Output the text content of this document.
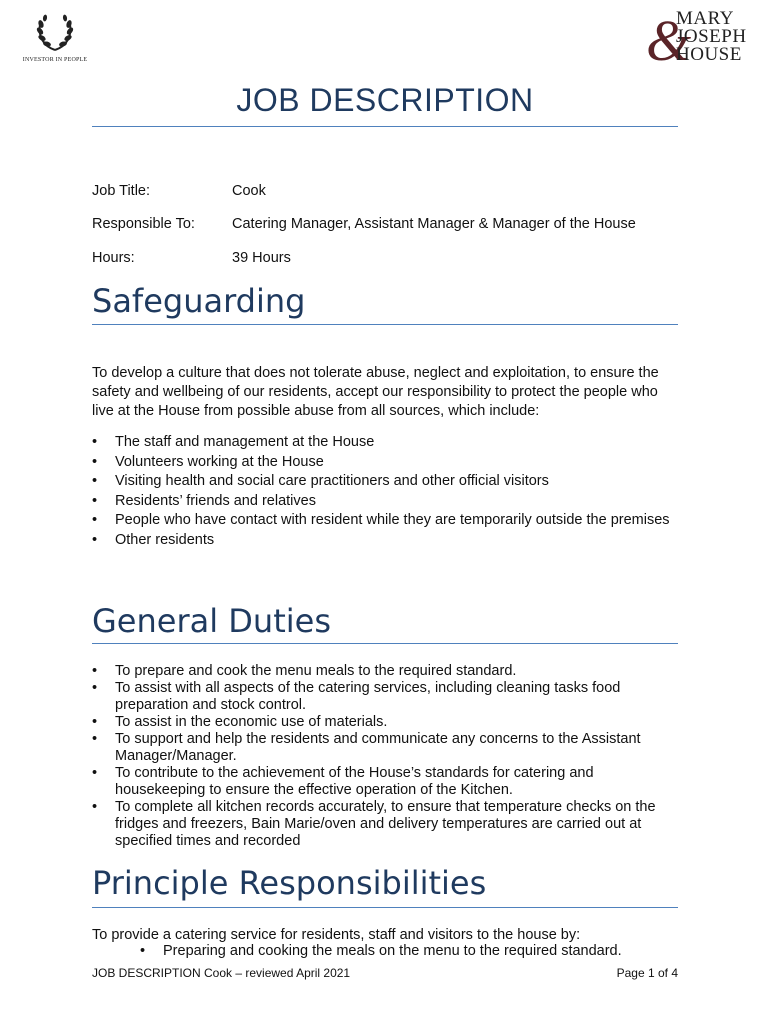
INVESTOR IN PEOPLE	&
MARY
JOSEPH
HOUSE
JOB DESCRIPTION
Job Title:	Cook
Responsible To:	Catering Manager, Assistant Manager & Manager of the House
Hours:	39 Hours
Safeguarding
To develop a culture that does not tolerate abuse, neglect and exploitation, to ensure the safety and wellbeing of our residents, accept our responsibility to protect the people who live at the House from possible abuse from all sources, which include:
• The staff and management at the House
• Volunteers working at the House
• Visiting health and social care practitioners and other official visitors
• Residents’ friends and relatives
• People who have contact with resident while they are temporarily outside the premises
• Other residents
General Duties
• To prepare and cook the menu meals to the required standard.
• To assist with all aspects of the catering services, including cleaning tasks food preparation and stock control.
• To assist in the economic use of materials.
• To support and help the residents and communicate any concerns to the Assistant Manager/Manager.
• To contribute to the achievement of the House’s standards for catering and housekeeping to ensure the effective operation of the Kitchen.
• To complete all kitchen records accurately, to ensure that temperature checks on the fridges and freezers, Bain Marie/oven and delivery temperatures are carried out at specified times and recorded
Principle Responsibilities
To provide a catering service for residents, staff and visitors to the house by:
• Preparing and cooking the meals on the menu to the required standard.
JOB DESCRIPTION Cook – reviewed April 2021	Page 1 of 4
